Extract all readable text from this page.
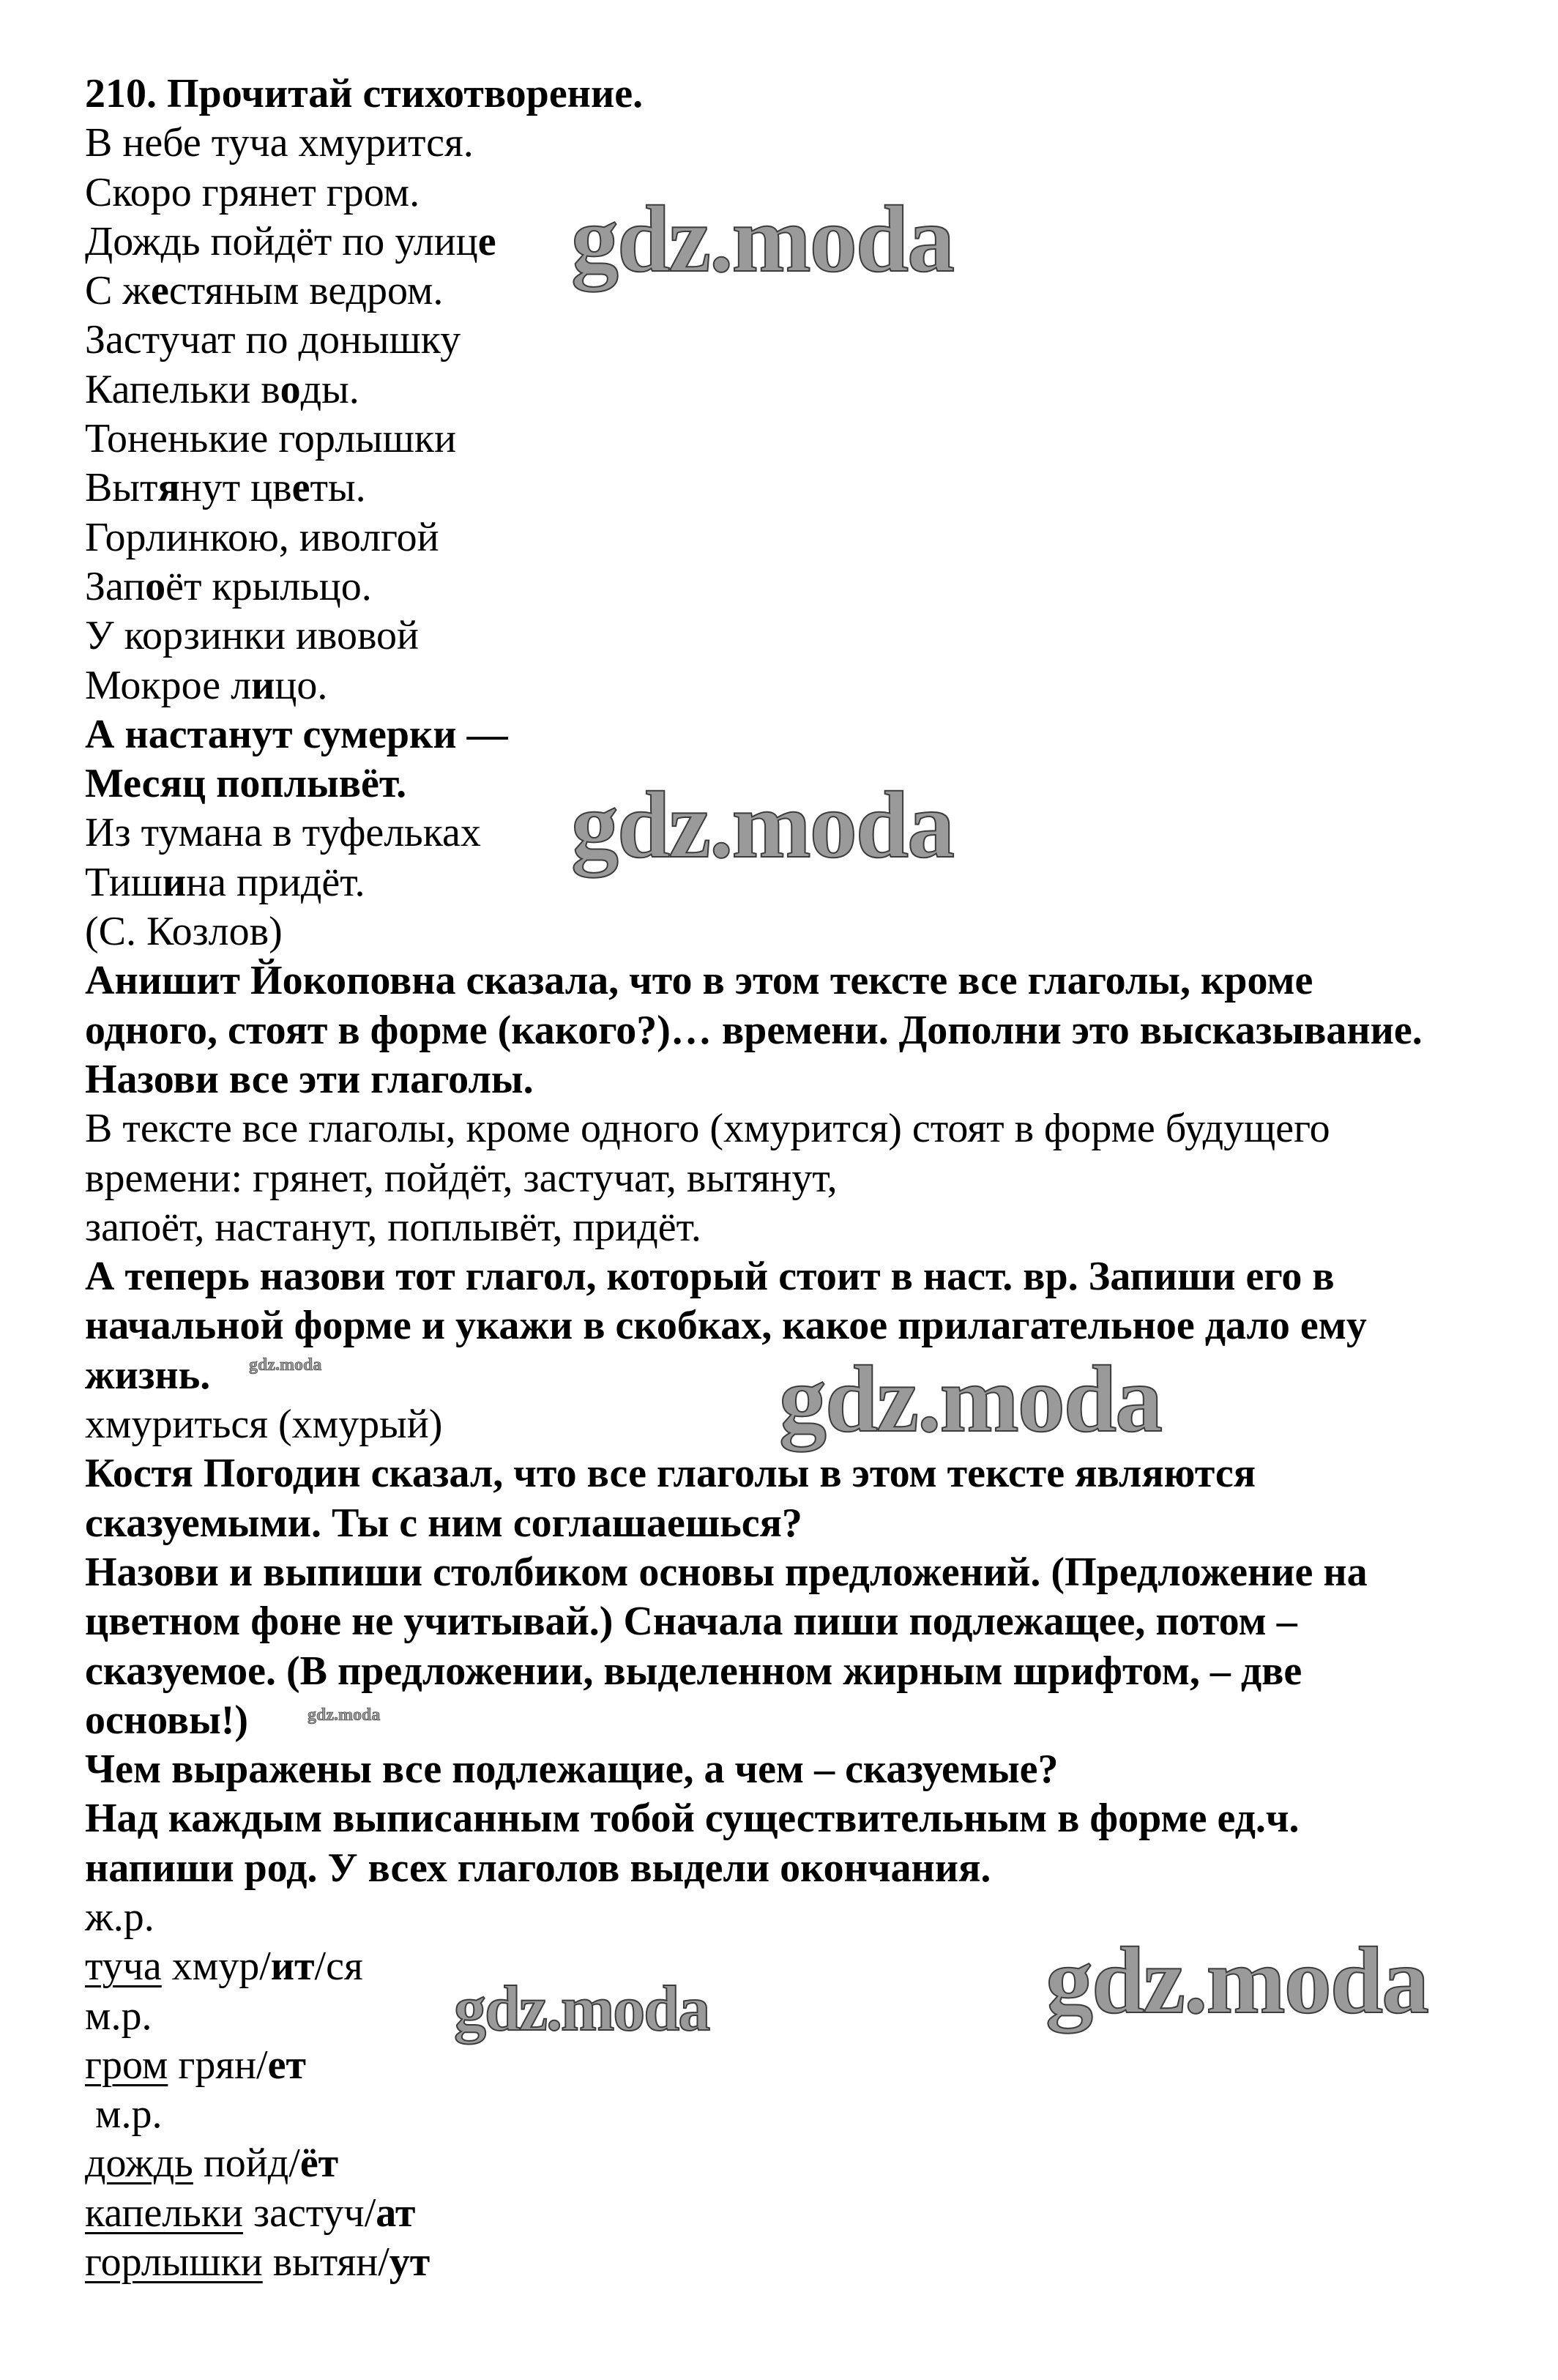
210. Прочитай стихотворение.
В небе туча хмурится.
Скоро грянет гром.
Дождь пойдёт по улице
С жестяным ведром.
Застучат по донышку
Капельки воды.
Тоненькие горлышки
Вытянут цветы.
Горлинкою, иволгой
Запоёт крыльцо.
У корзинки ивовой
Мокрое лицо.
А настанут сумерки —
Месяц поплывёт.
Из тумана в туфельках
Тишина придёт.
(С. Козлов)
Анишит Йокоповна сказала, что в этом тексте все глаголы, кроме
одного, стоят в форме (какого?)… времени. Дополни это высказывание.
Назови все эти глаголы.
В тексте все глаголы, кроме одного (хмурится) стоят в форме будущего
времени: грянет, пойдёт, застучат, вытянут,
запоёт, настанут, поплывёт, придёт.
А теперь назови тот глагол, который стоит в наст. вр. Запиши его в
начальной форме и укажи в скобках, какое прилагательное дало ему
жизнь.
хмуриться (хмурый)
Костя Погодин сказал, что все глаголы в этом тексте являются
сказуемыми. Ты с ним соглашаешься?
Назови и выпиши столбиком основы предложений. (Предложение на
цветном фоне не учитывай.) Сначала пиши подлежащее, потом –
сказуемое. (В предложении, выделенном жирным шрифтом, – две
основы!)
Чем выражены все подлежащие, а чем – сказуемые?
Над каждым выписанным тобой существительным в форме ед.ч.
напиши род. У всех глаголов выдели окончания.
ж.р.
туча хмур/ит/ся
м.р.
гром грян/ет
м.р.
дождь пойд/ёт
капельки застуч/ат
горлышки вытян/ут
gdz.moda
gdz.moda
gdz.moda
gdz.moda
gdz.moda
gdz.moda
gdz.moda
